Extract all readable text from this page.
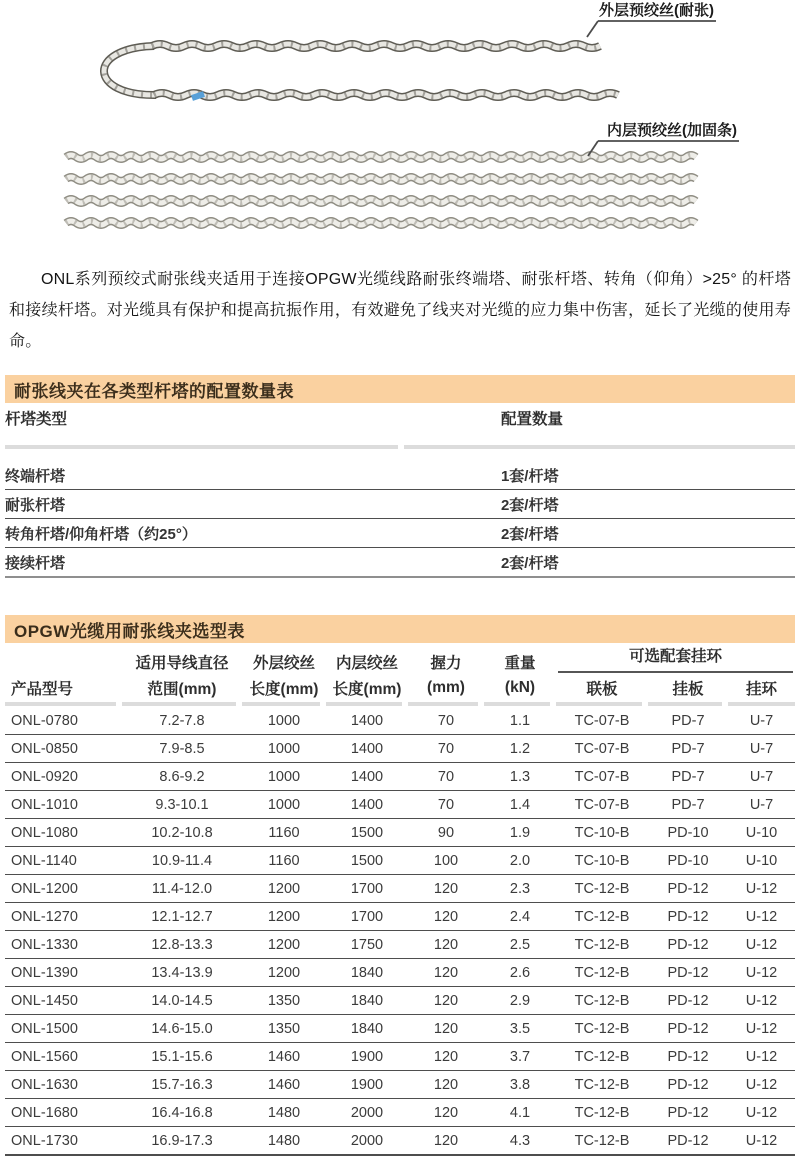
外层预绞丝(耐张)
内层预绞丝(加固条)

ONL系列预绞式耐张线夹适用于连接OPGW光缆线路耐张终端塔、耐张杆塔、转角（仰角）>25° 的杆塔和接续杆塔。对光缆具有保护和提高抗振作用，有效避免了线夹对光缆的应力集中伤害，延长了光缆的使用寿命。

耐张线夹在各类型杆塔的配置数量表
杆塔类型	配置数量

终端杆塔	1套/杆塔
耐张杆塔	2套/杆塔
转角杆塔/仰角杆塔（约25°）	2套/杆塔
接续杆塔	2套/杆塔
OPGW光缆用耐张线夹选型表
产品型号	适用导线直径	外层绞丝	内层绞丝	握力	重量	可选配套挂环		

	范围(mm)	长度(mm)	长度(mm)	(mm)	(kN)	联板	挂板	挂环

ONL-0780	7.2-7.8	1000	1400	70	1.1	TC-07-B	PD-7	U-7
ONL-0850	7.9-8.5	1000	1400	70	1.2	TC-07-B	PD-7	U-7
ONL-0920	8.6-9.2	1000	1400	70	1.3	TC-07-B	PD-7	U-7
ONL-1010	9.3-10.1	1000	1400	70	1.4	TC-07-B	PD-7	U-7
ONL-1080	10.2-10.8	1160	1500	90	1.9	TC-10-B	PD-10	U-10
ONL-1140	10.9-11.4	1160	1500	100	2.0	TC-10-B	PD-10	U-10
ONL-1200	11.4-12.0	1200	1700	120	2.3	TC-12-B	PD-12	U-12
ONL-1270	12.1-12.7	1200	1700	120	2.4	TC-12-B	PD-12	U-12
ONL-1330	12.8-13.3	1200	1750	120	2.5	TC-12-B	PD-12	U-12
ONL-1390	13.4-13.9	1200	1840	120	2.6	TC-12-B	PD-12	U-12
ONL-1450	14.0-14.5	1350	1840	120	2.9	TC-12-B	PD-12	U-12
ONL-1500	14.6-15.0	1350	1840	120	3.5	TC-12-B	PD-12	U-12
ONL-1560	15.1-15.6	1460	1900	120	3.7	TC-12-B	PD-12	U-12
ONL-1630	15.7-16.3	1460	1900	120	3.8	TC-12-B	PD-12	U-12
ONL-1680	16.4-16.8	1480	2000	120	4.1	TC-12-B	PD-12	U-12
ONL-1730	16.9-17.3	1480	2000	120	4.3	TC-12-B	PD-12	U-12
